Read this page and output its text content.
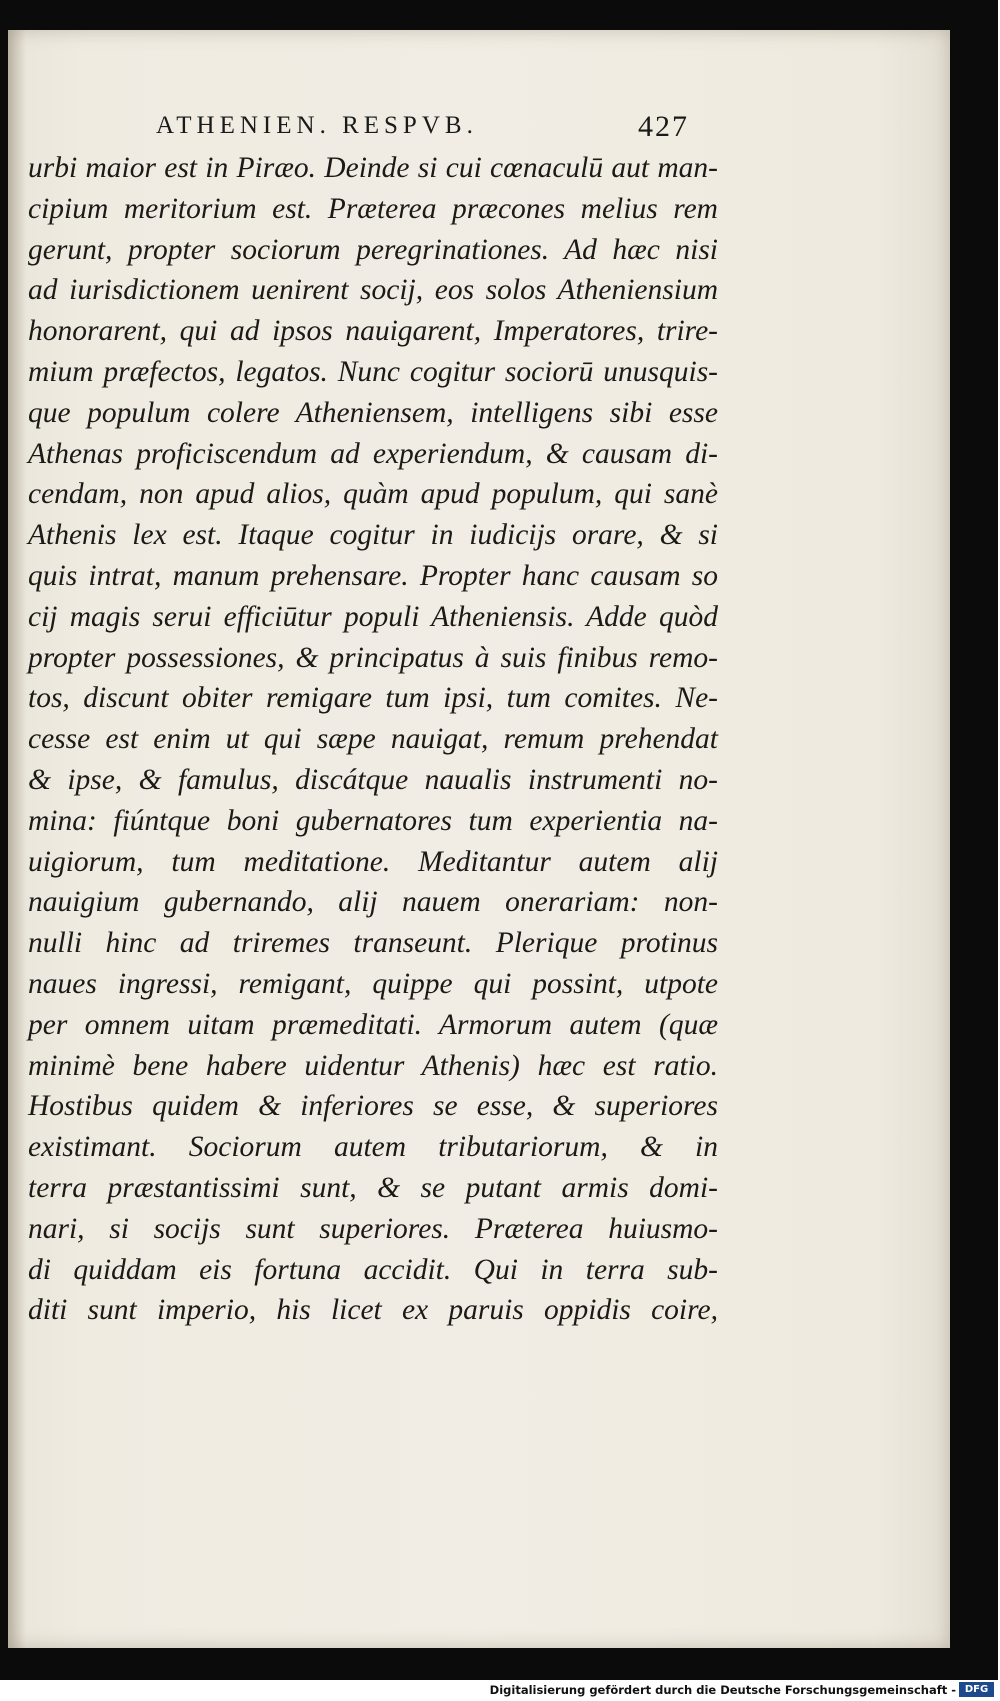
ATHENIEN. RESPVB.	427
urbi maior est in Piræo. Deinde si cui cœnaculū aut man-
cipium meritorium est. Præterea præcones melius rem
gerunt, propter sociorum peregrinationes. Ad hæc nisi
ad iurisdictionem uenirent socij, eos solos Atheniensium
honorarent, qui ad ipsos nauigarent, Imperatores, trire-
mium præfectos, legatos. Nunc cogitur sociorū unusquis-
que populum colere Atheniensem, intelligens sibi esse
Athenas proficiscendum ad experiendum, & causam di-
cendam, non apud alios, quàm apud populum, qui sanè
Athenis lex est. Itaque cogitur in iudicijs orare, & si
quis intrat, manum prehensare. Propter hanc causam so
cij magis serui efficiūtur populi Atheniensis. Adde quòd
propter possessiones, & principatus à suis finibus remo-
tos, discunt obiter remigare tum ipsi, tum comites. Ne-
cesse est enim ut qui sæpe nauigat, remum prehendat
& ipse, & famulus, discátque naualis instrumenti no-
mina: fiúntque boni gubernatores tum experientia na-
uigiorum, tum meditatione. Meditantur autem alij
nauigium gubernando, alij nauem onerariam: non-
nulli hinc ad triremes transeunt. Plerique protinus
naues ingressi, remigant, quippe qui possint, utpote
per omnem uitam præmeditati. Armorum autem (quæ
minimè bene habere uidentur Athenis) hæc est ratio.
Hostibus quidem & inferiores se esse, & superiores
existimant. Sociorum autem tributariorum, & in
terra præstantissimi sunt, & se putant armis domi-
nari, si socijs sunt superiores. Præterea huiusmo-
di quiddam eis fortuna accidit. Qui in terra sub-
diti sunt imperio, his licet ex paruis oppidis coire,
Digitalisierung gefördert durch die Deutsche Forschungsgemeinschaft - DFG
